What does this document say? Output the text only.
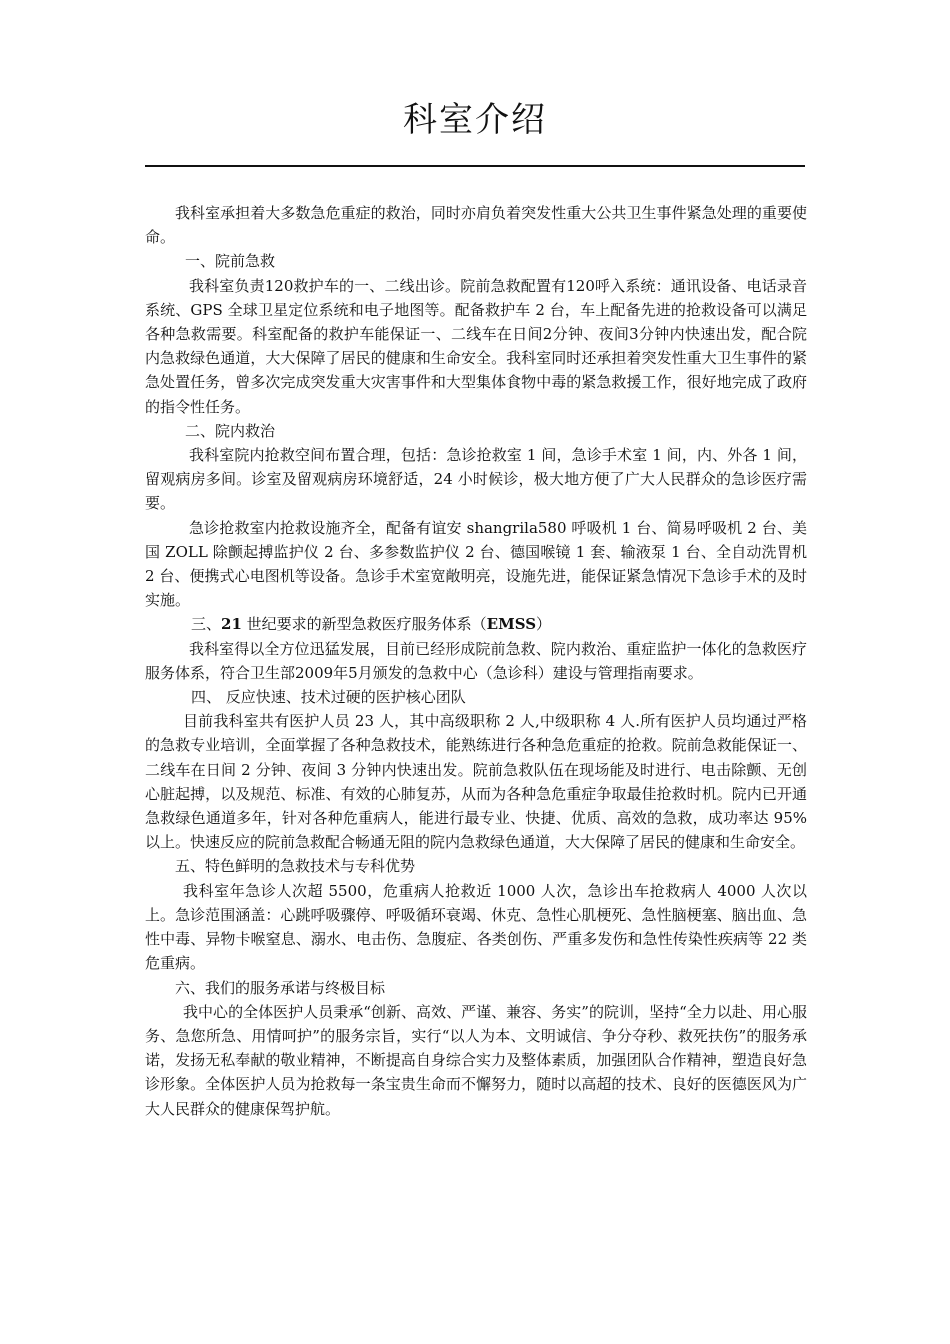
科室介绍

我科室承担着大多数急危重症的救治，同时亦肩负着突发性重大公共卫生事件紧急处理的重要使命。

一、院前急救

我科室负责120救护车的一、二线出诊。院前急救配置有120呼入系统：通讯设备、电话录音系统、GPS 全球卫星定位系统和电子地图等。配备救护车 2 台，车上配备先进的抢救设备可以满足各种急救需要。科室配备的救护车能保证一、二线车在日间2分钟、夜间3分钟内快速出发，配合院内急救绿色通道，大大保障了居民的健康和生命安全。我科室同时还承担着突发性重大卫生事件的紧急处置任务，曾多次完成突发重大灾害事件和大型集体食物中毒的紧急救援工作，很好地完成了政府的指令性任务。

二、院内救治

我科室院内抢救空间布置合理，包括：急诊抢救室 1 间，急诊手术室 1 间，内、外各 1 间，留观病房多间。诊室及留观病房环境舒适，24 小时候诊，极大地方便了广大人民群众的急诊医疗需要。

急诊抢救室内抢救设施齐全，配备有谊安 shangrila580 呼吸机 1 台、简易呼吸机 2 台、美国 ZOLL 除颤起搏监护仪 2 台、多参数监护仪 2 台、德国喉镜 1 套、输液泵 1 台、全自动洗胃机 2 台、便携式心电图机等设备。急诊手术室宽敞明亮，设施先进，能保证紧急情况下急诊手术的及时实施。

三、21 世纪要求的新型急救医疗服务体系（EMSS）

我科室得以全方位迅猛发展，目前已经形成院前急救、院内救治、重症监护一体化的急救医疗服务体系，符合卫生部2009年5月颁发的急救中心（急诊科）建设与管理指南要求。

四、 反应快速、技术过硬的医护核心团队

目前我科室共有医护人员 23 人，其中高级职称 2 人,中级职称 4 人.所有医护人员均通过严格的急救专业培训，全面掌握了各种急救技术，能熟练进行各种急危重症的抢救。院前急救能保证一、二线车在日间 2 分钟、夜间 3 分钟内快速出发。院前急救队伍在现场能及时进行、电击除颤、无创心脏起搏，以及规范、标准、有效的心肺复苏，从而为各种急危重症争取最佳抢救时机。院内已开通急救绿色通道多年，针对各种危重病人，能进行最专业、快捷、优质、高效的急救，成功率达 95%以上。快速反应的院前急救配合畅通无阻的院内急救绿色通道，大大保障了居民的健康和生命安全。

五、特色鲜明的急救技术与专科优势

我科室年急诊人次超 5500，危重病人抢救近 1000 人次，急诊出车抢救病人 4000 人次以上。急诊范围涵盖：心跳呼吸骤停、呼吸循环衰竭、休克、急性心肌梗死、急性脑梗塞、脑出血、急性中毒、异物卡喉窒息、溺水、电击伤、急腹症、各类创伤、严重多发伤和急性传染性疾病等 22 类危重病。

六、我们的服务承诺与终极目标

我中心的全体医护人员秉承“创新、高效、严谨、兼容、务实”的院训，坚持“全力以赴、用心服务、急您所急、用情呵护”的服务宗旨，实行“以人为本、文明诚信、争分夺秒、救死扶伤”的服务承诺，发扬无私奉献的敬业精神，不断提高自身综合实力及整体素质，加强团队合作精神，塑造良好急诊形象。全体医护人员为抢救每一条宝贵生命而不懈努力，随时以高超的技术、良好的医德医风为广大人民群众的健康保驾护航。
